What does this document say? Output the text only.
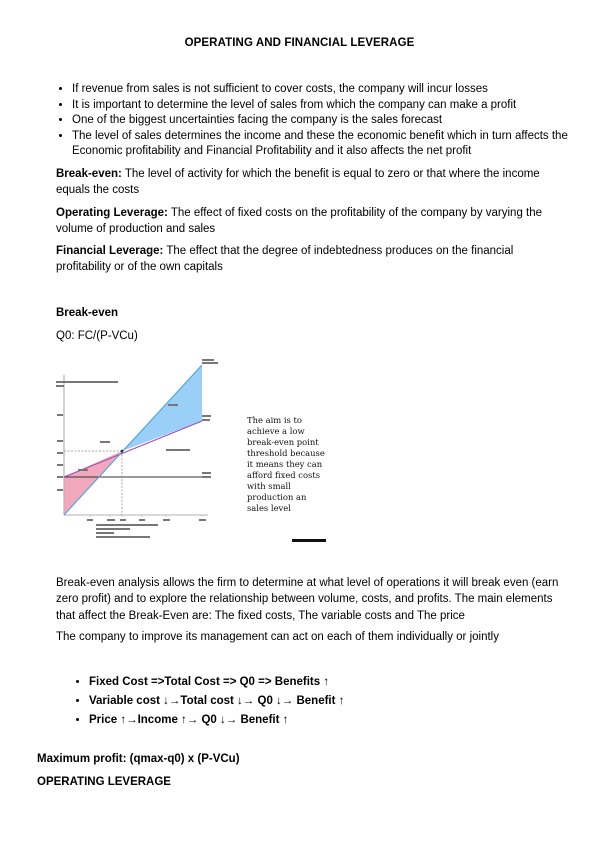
OPERATING AND FINANCIAL LEVERAGE
• If revenue from sales is not sufficient to cover costs, the company will incur losses
• It is important to determine the level of sales from which the company can make a profit
• One of the biggest uncertainties facing the company is the sales forecast
• The level of sales determines the income and these the economic benefit which in turn affects the Economic profitability and Financial Profitability and it also affects the net profit

Break-even: The level of activity for which the benefit is equal to zero or that where the income equals the costs

Operating Leverage: The effect of fixed costs on the profitability of the company by varying the volume of production and sales

Financial Leverage: The effect that the degree of indebtedness produces on the financial profitability or of the own capitals

Break-even
Q0: FC/(P-VCu)
The aim is to achieve a low break-even point threshold because it means they can afford fixed costs with small production an sales level

Break-even analysis allows the firm to determine at what level of operations it will break even (earn zero profit) and to explore the relationship between volume, costs, and profits. The main elements that affect the Break-Even are: The fixed costs, The variable costs and The price

The company to improve its management can act on each of them individually or jointly

• Fixed Cost =>Total Cost => Q0 => Benefits ↑
• Variable cost ↓→Total cost ↓→ Q0 ↓→ Benefit ↑
• Price ↑→Income ↑→ Q0 ↓→ Benefit ↑
Maximum profit: (qmax-q0) x (P-VCu)
OPERATING LEVERAGE
